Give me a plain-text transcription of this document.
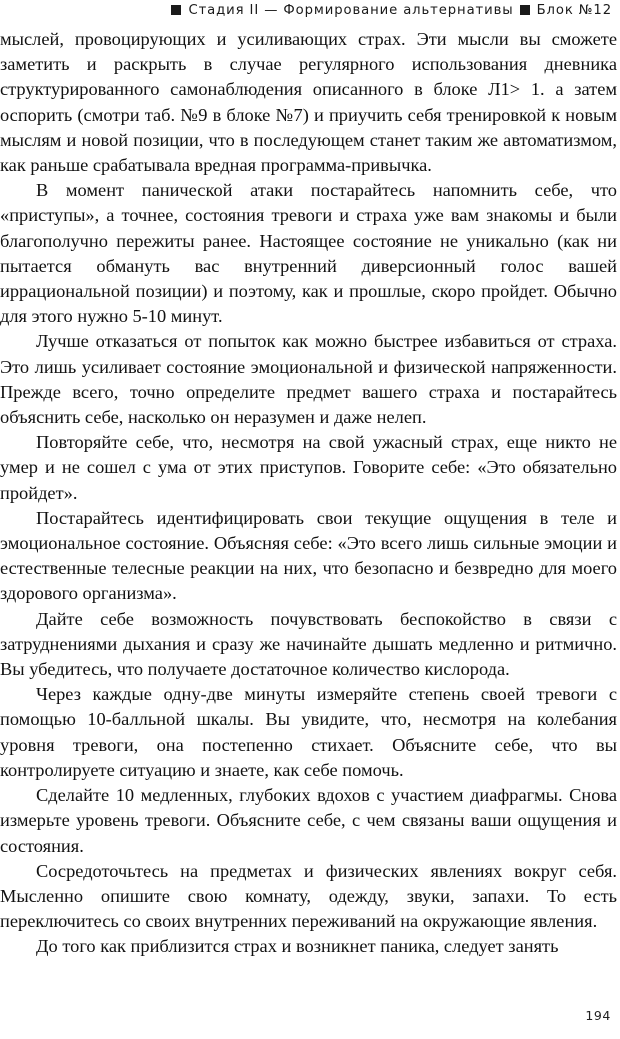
Стадия II — Формирование альтернативы Блок №12

мыслей, провоцирующих и усиливающих страх. Эти мысли вы сможете заметить и раскрыть в случае регулярного использования дневника структурированного самонаблюдения описанного в блоке Л1> 1. а затем оспорить (смотри таб. №9 в блоке №7) и приучить себя тренировкой к новым мыслям и новой позиции, что в последующем станет таким же автоматизмом, как раньше срабатывала вредная программа-привычка.

В момент панической атаки постарайтесь напомнить себе, что «приступы», а точнее, состояния тревоги и страха уже вам знакомы и были благополучно пережиты ранее. Настоящее состояние не уникально (как ни пытается обмануть вас внутренний диверсионный голос вашей иррациональной позиции) и поэтому, как и прошлые, скоро пройдет. Обычно для этого нужно 5-10 минут.

Лучше отказаться от попыток как можно быстрее избавиться от страха. Это лишь усиливает состояние эмоциональной и физической напряженности. Прежде всего, точно определите предмет вашего страха и постарайтесь объяснить себе, насколько он неразумен и даже нелеп.

Повторяйте себе, что, несмотря на свой ужасный страх, еще никто не умер и не сошел с ума от этих приступов. Говорите себе: «Это обязательно пройдет».

Постарайтесь идентифицировать свои текущие ощущения в теле и эмоциональное состояние. Объясняя себе: «Это всего лишь сильные эмоции и естественные телесные реакции на них, что безопасно и безвредно для моего здорового организма».

Дайте себе возможность почувствовать беспокойство в связи с затруднениями дыхания и сразу же начинайте дышать медленно и ритмично. Вы убедитесь, что получаете достаточное количество кислорода.

Через каждые одну-две минуты измеряйте степень своей тревоги с помощью 10-балльной шкалы. Вы увидите, что, несмотря на колебания уровня тревоги, она постепенно стихает. Объясните себе, что вы контролируете ситуацию и знаете, как себе помочь.

Сделайте 10 медленных, глубоких вдохов с участием диафрагмы. Снова измерьте уровень тревоги. Объясните себе, с чем связаны ваши ощущения и состояния.

Сосредоточьтесь на предметах и физических явлениях вокруг себя. Мысленно опишите свою комнату, одежду, звуки, запахи. То есть переключитесь со своих внутренних переживаний на окружающие явления.

До того как приблизится страх и возникнет паника, следует занять

194
